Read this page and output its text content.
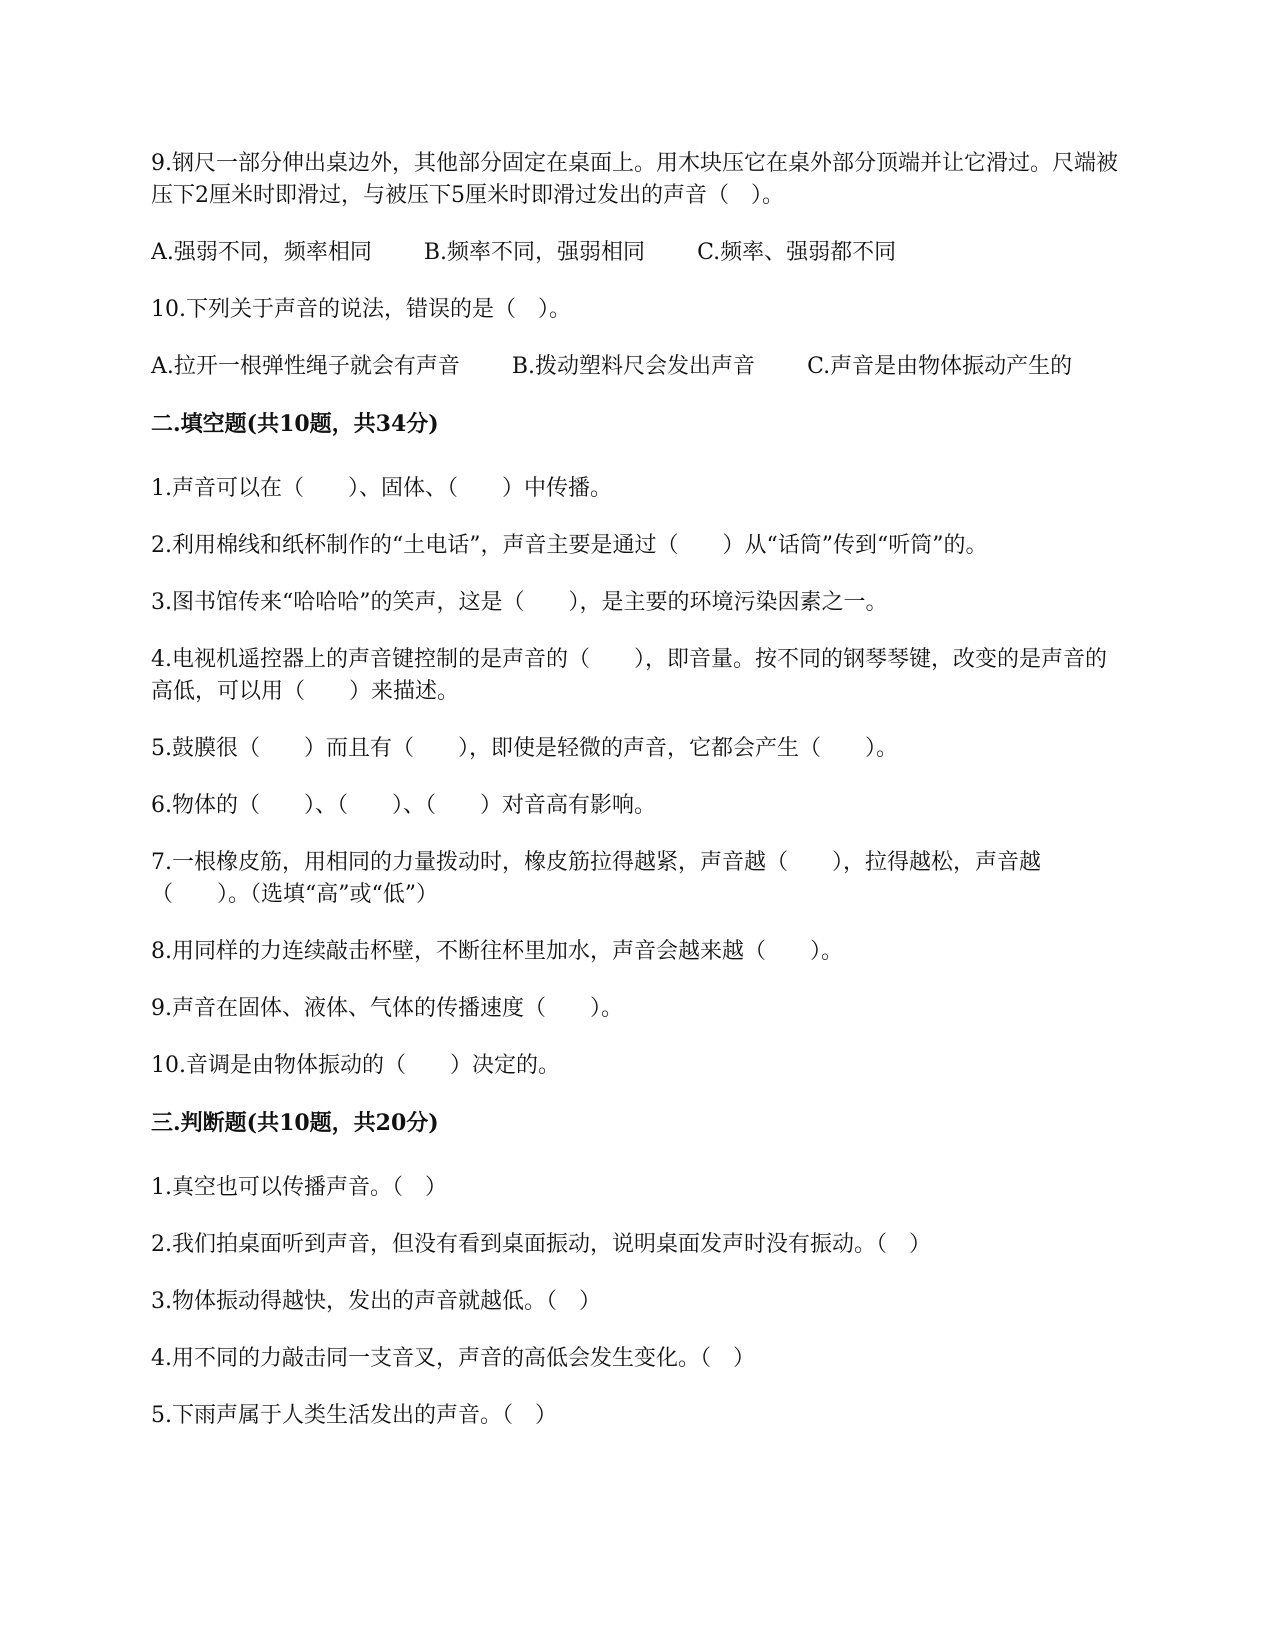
9.钢尺一部分伸出桌边外，其他部分固定在桌面上。用木块压它在桌外部分顶端并让它滑过。尺端被压下2厘米时即滑过，与被压下5厘米时即滑过发出的声音（　）。

A.强弱不同，频率相同 B.频率不同，强弱相同 C.频率、强弱都不同

10.下列关于声音的说法，错误的是（　）。

A.拉开一根弹性绳子就会有声音 B.拨动塑料尺会发出声音 C.声音是由物体振动产生的
二.填空题(共10题，共34分)

1.声音可以在（　　）、固体、（　　）中传播。

2.利用棉线和纸杯制作的“土电话”，声音主要是通过（　　）从“话筒”传到“听筒”的。

3.图书馆传来“哈哈哈”的笑声，这是（　　），是主要的环境污染因素之一。

4.电视机遥控器上的声音键控制的是声音的（　　），即音量。按不同的钢琴琴键，改变的是声音的高低，可以用（　　）来描述。

5.鼓膜很（　　）而且有（　　），即使是轻微的声音，它都会产生（　　）。

6.物体的（　　）、（　　）、（　　）对音高有影响。

7.一根橡皮筋，用相同的力量拨动时，橡皮筋拉得越紧，声音越（　　），拉得越松，声音越（　　）。（选填“高”或“低”）

8.用同样的力连续敲击杯壁，不断往杯里加水，声音会越来越（　　）。

9.声音在固体、液体、气体的传播速度（　　）。

10.音调是由物体振动的（　　）决定的。

三.判断题(共10题，共20分)

1.真空也可以传播声音。（　）

2.我们拍桌面听到声音，但没有看到桌面振动，说明桌面发声时没有振动。（　）

3.物体振动得越快，发出的声音就越低。（　）

4.用不同的力敲击同一支音叉，声音的高低会发生变化。（　）

5.下雨声属于人类生活发出的声音。（　）
